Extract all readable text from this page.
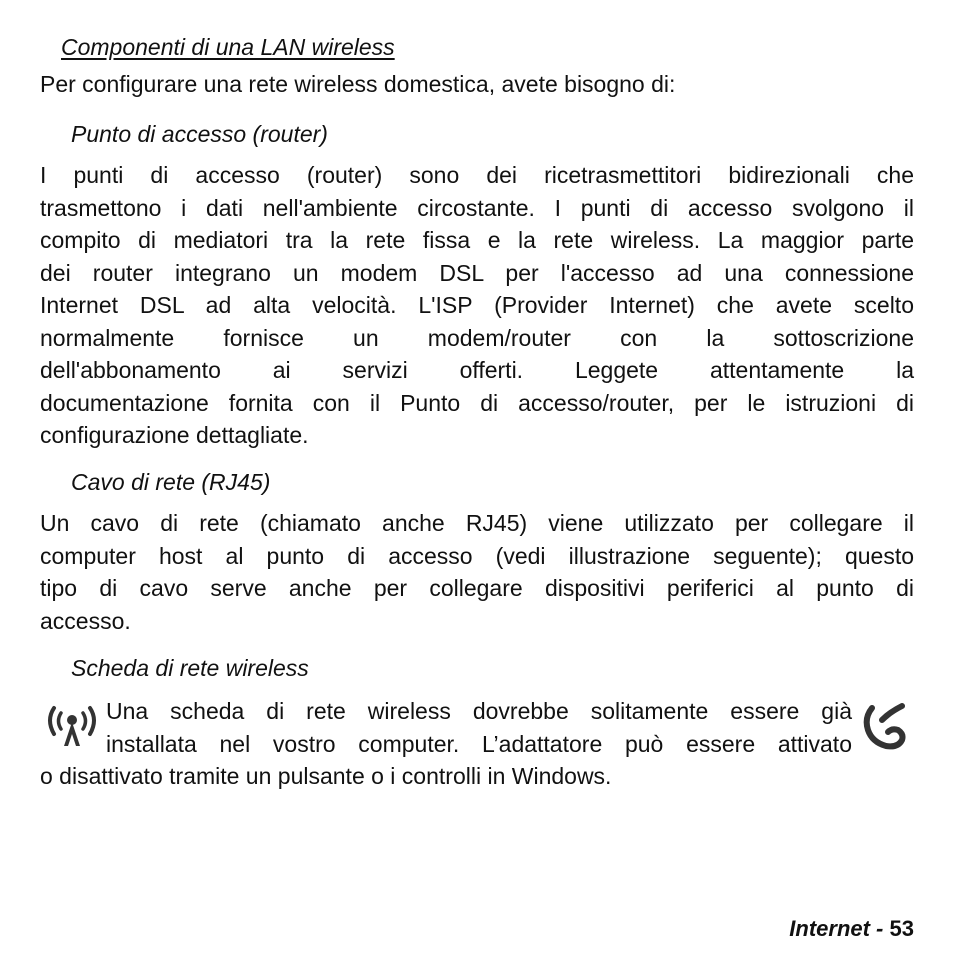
Componenti di una LAN wireless
Per configurare una rete wireless domestica, avete bisogno di:
Punto di accesso (router)
I punti di accesso (router) sono dei ricetrasmettitori bidirezionali che
trasmettono i dati nell'ambiente circostante. I punti di accesso svolgono il
compito di mediatori tra la rete fissa e la rete wireless. La maggior parte
dei router integrano un modem DSL per l'accesso ad una connessione
Internet DSL ad alta velocità. L'ISP (Provider Internet) che avete scelto
normalmente fornisce un modem/router con la sottoscrizione
dell'abbonamento ai servizi offerti. Leggete attentamente la
documentazione fornita con il Punto di accesso/router, per le istruzioni di
configurazione dettagliate.
Cavo di rete (RJ45)
Un cavo di rete (chiamato anche RJ45) viene utilizzato per collegare il
computer host al punto di accesso (vedi illustrazione seguente); questo
tipo di cavo serve anche per collegare dispositivi periferici al punto di
accesso.
Scheda di rete wireless
Una scheda di rete wireless dovrebbe solitamente essere già
installata nel vostro computer. L’adattatore può essere attivato
o disattivato tramite un pulsante o i controlli in Windows.
Internet - 53
